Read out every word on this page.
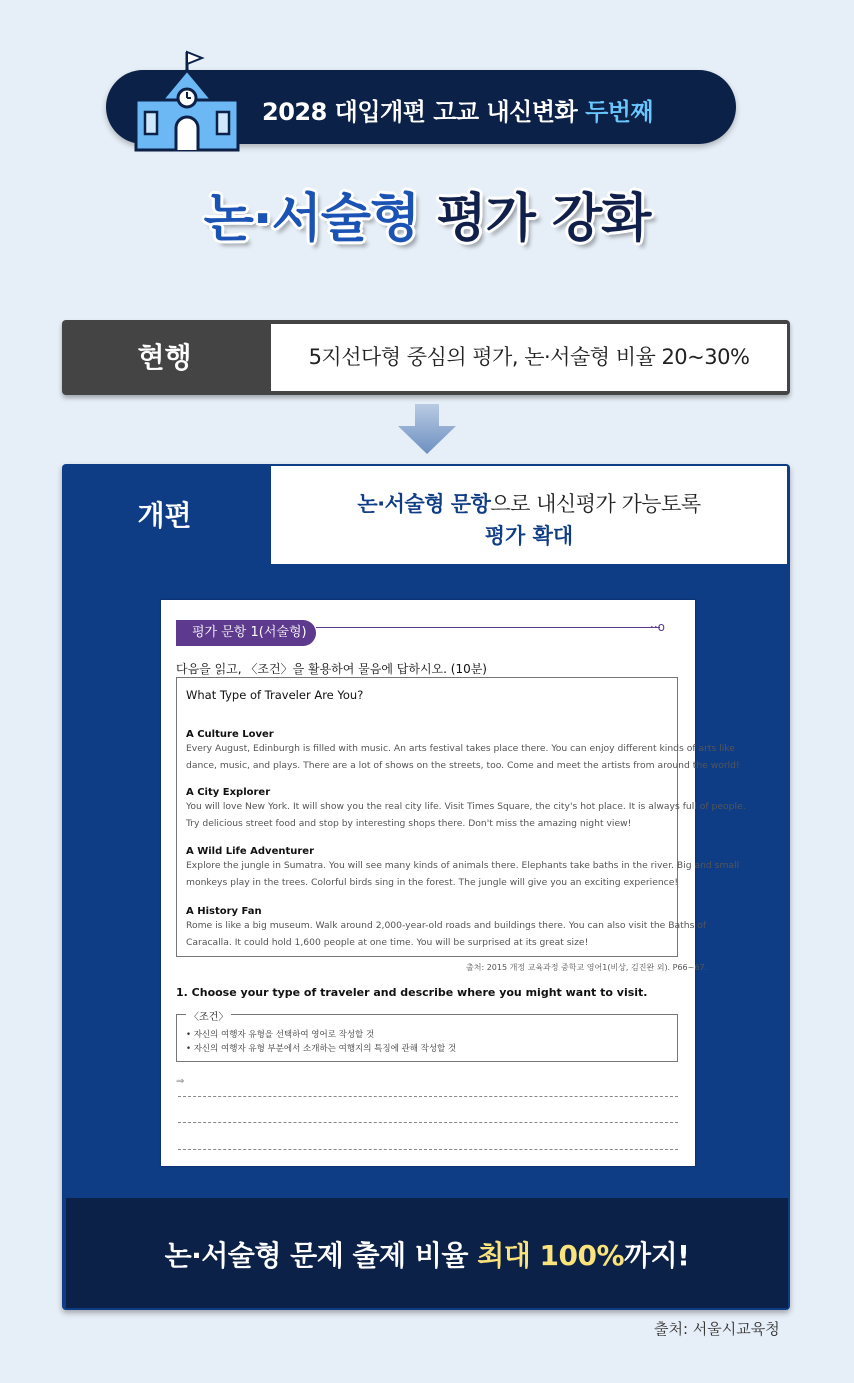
2028 대입개편 고교 내신변화 두번째
논·서술형 평가 강화
현행	5지선다형 중심의 평가, 논·서술형 비율 20~30%
개편	논·서술형 문항으로 내신평가 가능토록
평가 확대
평가 문항 1(서술형)	··o
다음을 읽고, 〈조건〉을 활용하여 물음에 답하시오. (10분)
What Type of Traveler Are You?
A Culture Lover
Every August, Edinburgh is filled with music. An arts festival takes place there. You can enjoy different kinds of arts like
dance, music, and plays. There are a lot of shows on the streets, too. Come and meet the artists from around the world!
A City Explorer
You will love New York. It will show you the real city life. Visit Times Square, the city's hot place. It is always full of people.
Try delicious street food and stop by interesting shops there. Don't miss the amazing night view!
A Wild Life Adventurer
Explore the jungle in Sumatra. You will see many kinds of animals there. Elephants take baths in the river. Big and small
monkeys play in the trees. Colorful birds sing in the forest. The jungle will give you an exciting experience!
A History Fan
Rome is like a big museum. Walk around 2,000-year-old roads and buildings there. You can also visit the Baths of
Caracalla. It could hold 1,600 people at one time. You will be surprised at its great size!
출처: 2015 개정 교육과정 중학교 영어1(비상, 김진완 외). P66~67.
1. Choose your type of traveler and describe where you might want to visit.
〈조건〉
• 자신의 여행자 유형을 선택하여 영어로 작성할 것
• 자신의 여행자 유형 부분에서 소개하는 여행지의 특징에 관해 작성할 것
⇒
논·서술형 문제 출제 비율 최대 100%까지!
출처: 서울시교육청
